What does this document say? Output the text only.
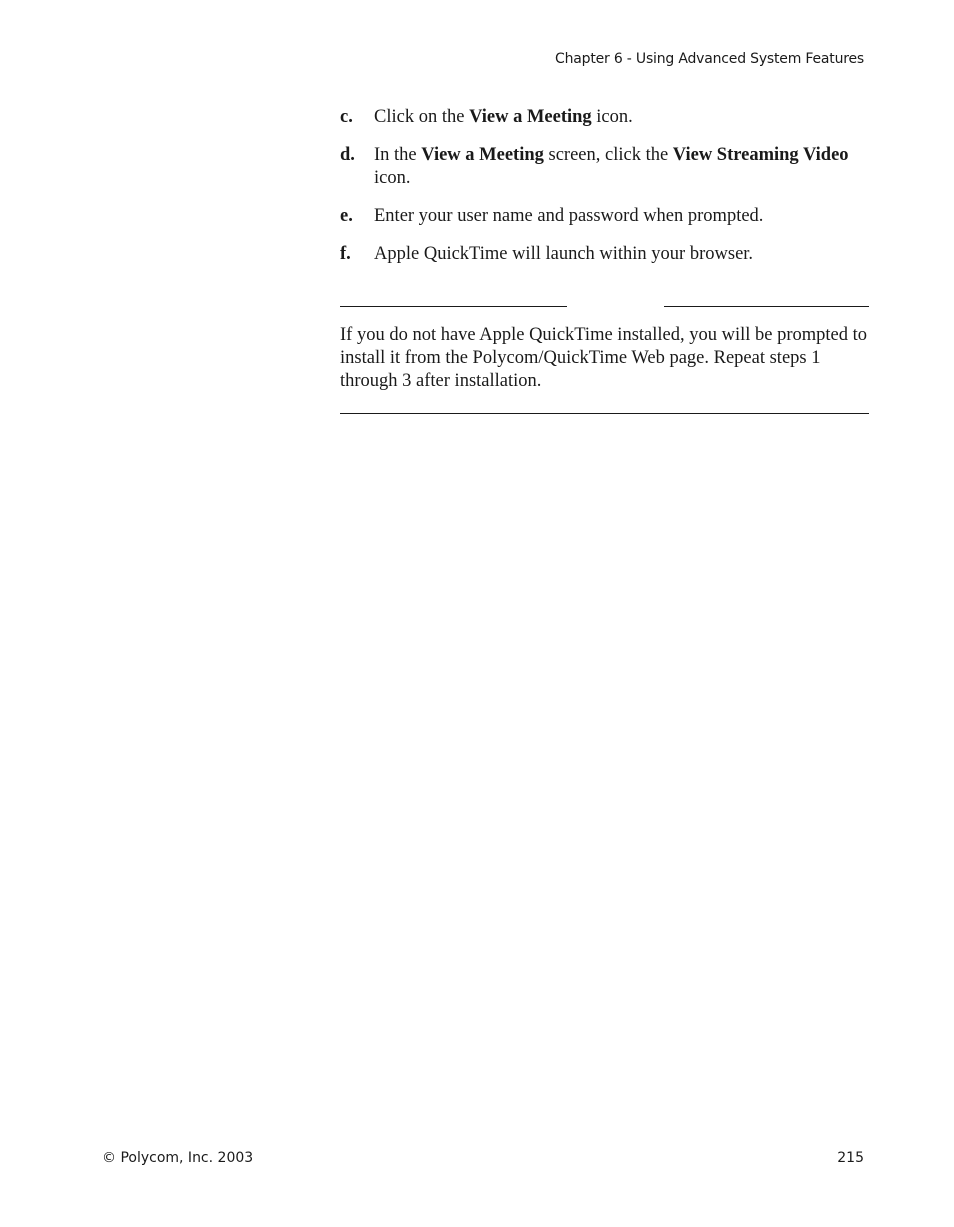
Chapter 6 - Using Advanced System Features
c.	Click on the View a Meeting icon.
d.	In the View a Meeting screen, click the View Streaming Video icon.
e.	Enter your user name and password when prompted.
f.	Apple QuickTime will launch within your browser.
If you do not have Apple QuickTime installed, you will be prompted to install it from the Polycom/QuickTime Web page. Repeat steps 1 through 3 after installation.
© Polycom, Inc. 2003	215
